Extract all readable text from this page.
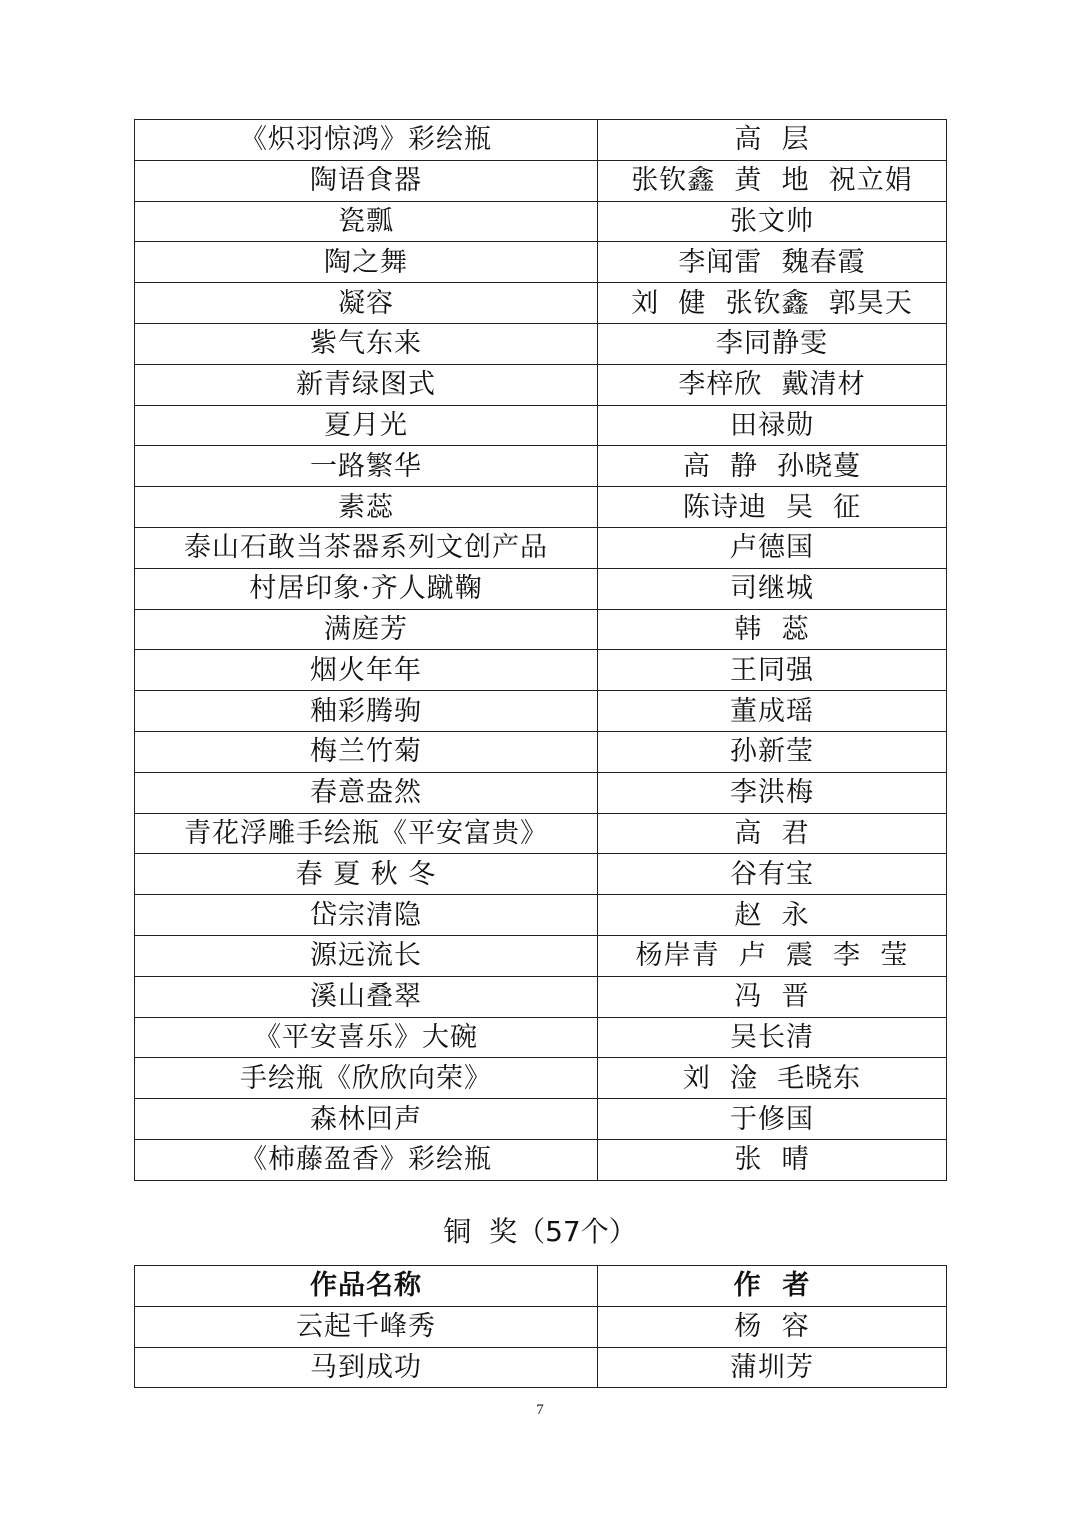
《炽羽惊鸿》彩绘瓶	高  层
陶语食器	张钦鑫  黄  地  祝立娟
瓷瓢	张文帅
陶之舞	李闻雷  魏春霞
凝容	刘  健  张钦鑫  郭昊天
紫气东来	李同静雯
新青绿图式	李梓欣  戴清材
夏月光	田禄勋
一路繁华	高  静  孙晓蔓
素蕊	陈诗迪  吴  征
泰山石敢当茶器系列文创产品	卢德国
村居印象·齐人蹴鞠	司继城
满庭芳	韩  蕊
烟火年年	王同强
釉彩腾驹	董成瑶
梅兰竹菊	孙新莹
春意盎然	李洪梅
青花浮雕手绘瓶《平安富贵》	高  君
春 夏 秋 冬	谷有宝
岱宗清隐	赵  永
源远流长	杨岸青  卢  震  李  莹
溪山叠翠	冯  晋
《平安喜乐》大碗	吴长清
手绘瓶《欣欣向荣》	刘  淦  毛晓东
森林回声	于修国
《柿藤盈香》彩绘瓶	张  晴
铜  奖（57个）
作品名称	作  者
云起千峰秀	杨  容
马到成功	蒲圳芳
7
